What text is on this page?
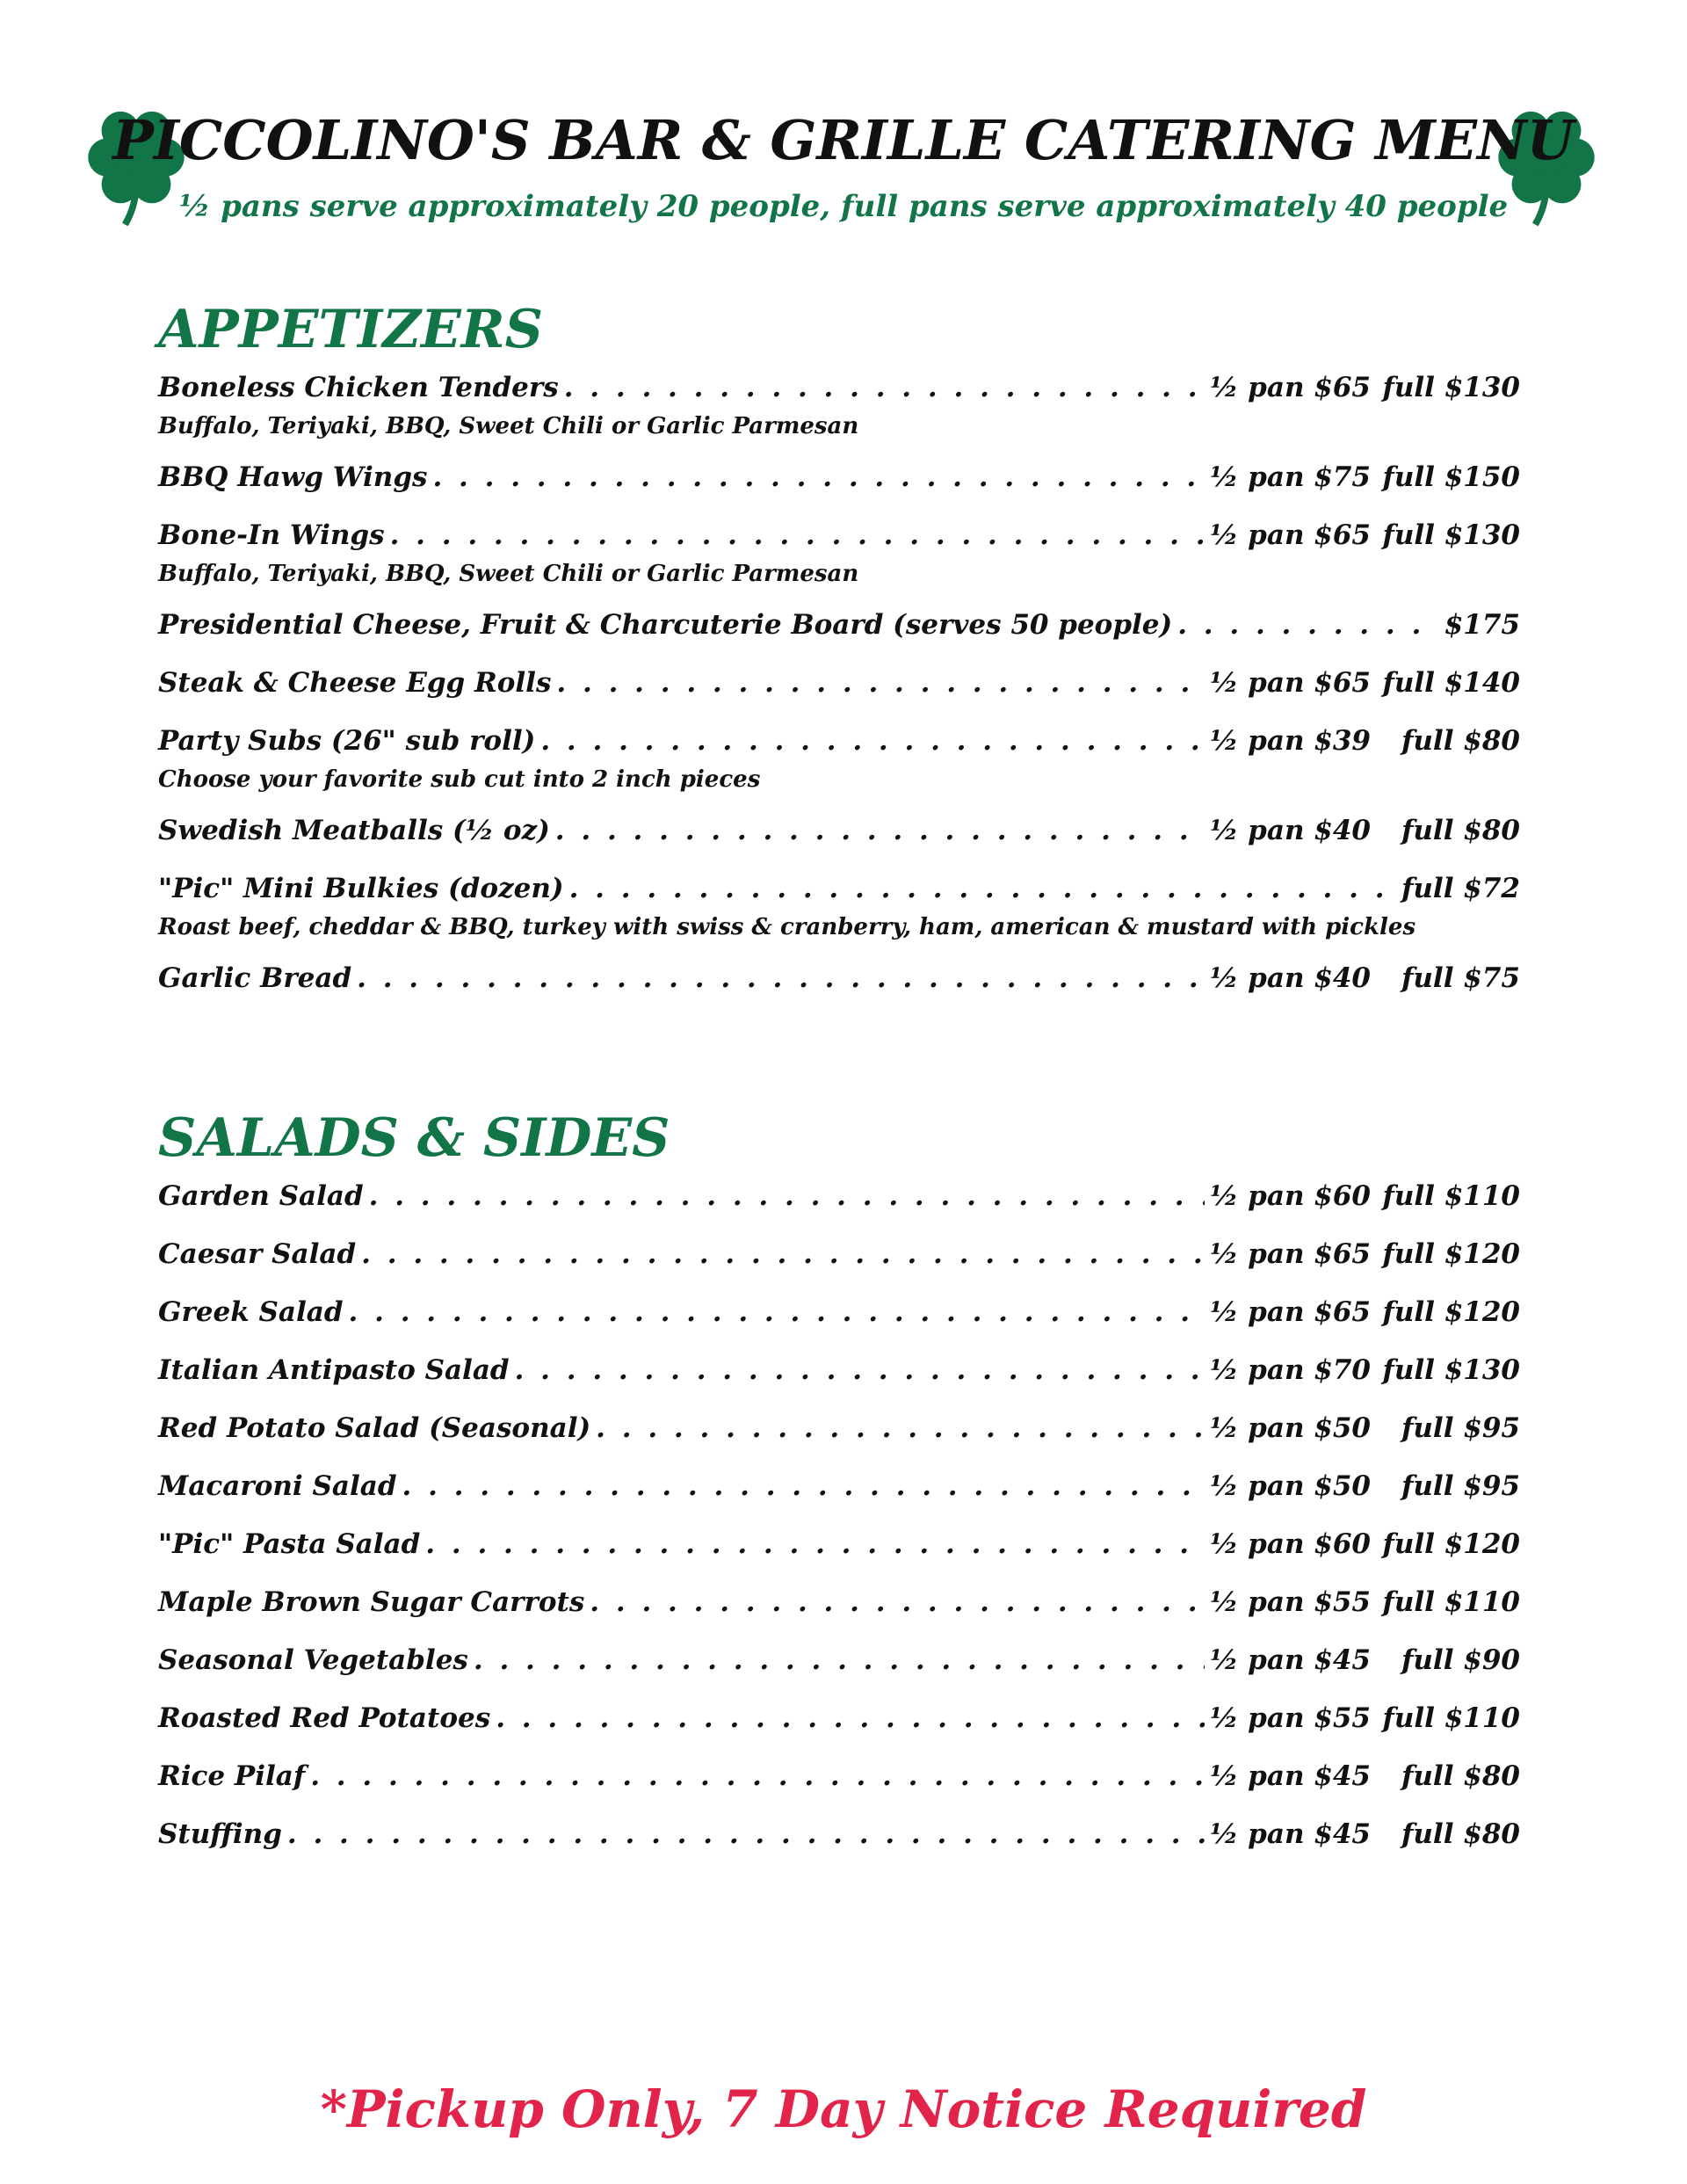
PICCOLINO'S BAR & GRILLE CATERING MENU

½ pans serve approximately 20 people, full pans serve approximately 40 people

APPETIZERS
Boneless Chicken Tenders . . .	½ pan $65 full $130
Buffalo, Teriyaki, BBQ, Sweet Chili or Garlic Parmesan
BBQ Hawg Wings . . .	½ pan $75 full $150
Bone-In Wings . . .	½ pan $65 full $130
Buffalo, Teriyaki, BBQ, Sweet Chili or Garlic Parmesan
Presidential Cheese, Fruit & Charcuterie Board (serves 50 people) . . .	$175
Steak & Cheese Egg Rolls . . .	½ pan $65 full $140
Party Subs (26" sub roll) . . .	½ pan $39	full $80
Choose your favorite sub cut into 2 inch pieces
Swedish Meatballs (½ oz) . . .	½ pan $40	full $80
"Pic" Mini Bulkies (dozen) . . .	full $72
Roast beef, cheddar & BBQ, turkey with swiss & cranberry, ham, american & mustard with pickles
Garlic Bread . . .	½ pan $40	full $75
SALADS & SIDES
Garden Salad . . .	½ pan $60 full $110
Caesar Salad . . .	½ pan $65 full $120
Greek Salad . . .	½ pan $65 full $120
Italian Antipasto Salad . . .	½ pan $70 full $130
Red Potato Salad (Seasonal) . . .	½ pan $50	full $95
Macaroni Salad . . .	½ pan $50	full $95
"Pic" Pasta Salad . . .	½ pan $60 full $120
Maple Brown Sugar Carrots . . .	½ pan $55 full $110
Seasonal Vegetables . . .	½ pan $45	full $90
Roasted Red Potatoes . . .	½ pan $55 full $110
Rice Pilaf . . .	½ pan $45	full $80
Stuffing . . .	½ pan $45	full $80
*Pickup Only, 7 Day Notice Required
